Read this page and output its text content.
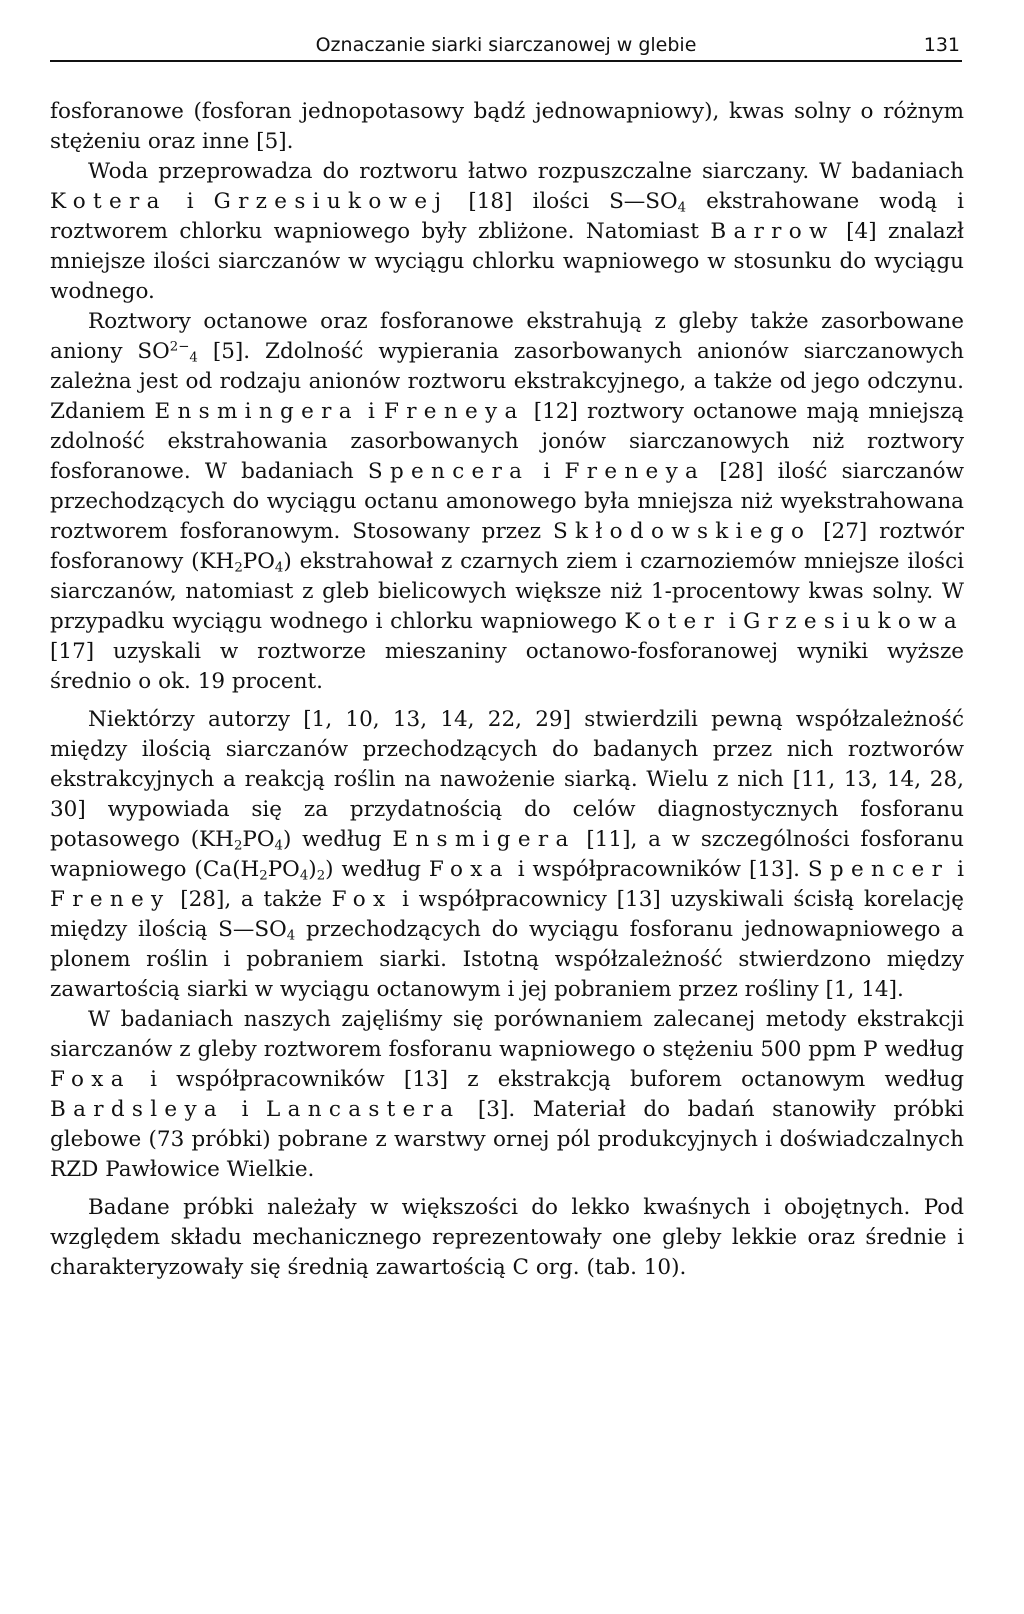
Oznaczanie siarki siarczanowej w glebie	131

fosforanowe (fosforan jednopotasowy bądź jednowapniowy), kwas solny o różnym stężeniu oraz inne [5].

Woda przeprowadza do roztworu łatwo rozpuszczalne siarczany. W badaniach Kotera i Grzesiukowej [18] ilości $S—SO_4$ ekstrahowane wodą i roztworem chlorku wapniowego były zbliżone. Natomiast Barrow [4] znalazł mniejsze ilości siarczanów w wyciągu chlorku wapniowego w stosunku do wyciągu wodnego.

Roztwory octanowe oraz fosforanowe ekstrahują z gleby także zasorbowane aniony $SO^{2-}_4$ [5]. Zdolność wypierania zasorbowanych anionów siarczanowych zależna jest od rodzaju anionów roztworu ekstrakcyjnego, a także od jego odczynu. Zdaniem Ensmingera i Freneya [12] roztwory octanowe mają mniejszą zdolność ekstrahowania zasorbowanych jonów siarczanowych niż roztwory fosforanowe. W badaniach Spencera i Freneya [28] ilość siarczanów przechodzących do wyciągu octanu amonowego była mniejsza niż wyekstrahowana roztworem fosforanowym. Stosowany przez Skłodowskiego [27] roztwór fosforanowy $(KH_2PO_4)$ ekstrahował z czarnych ziem i czarnoziemów mniejsze ilości siarczanów, natomiast z gleb bielicowych większe niż 1-procentowy kwas solny. W przypadku wyciągu wodnego i chlorku wapniowego Koter i Grzesiukowa [17] uzyskali w roztworze mieszaniny octanowo-fosforanowej wyniki wyższe średnio o ok. 19 procent.

Niektórzy autorzy [1, 10, 13, 14, 22, 29] stwierdzili pewną współzależność między ilością siarczanów przechodzących do badanych przez nich roztworów ekstrakcyjnych a reakcją roślin na nawożenie siarką. Wielu z nich [11, 13, 14, 28, 30] wypowiada się za przydatnością do celów diagnostycznych fosforanu potasowego $(KH_2PO_4)$ według Ensmigera [11], a w szczególności fosforanu wapniowego $(Ca(H_2PO_4)_2)$ według Foxa i współpracowników [13]. Spencer i Freney [28], a także Fox i współpracownicy [13] uzyskiwali ścisłą korelację między ilością $S—SO_4$ przechodzących do wyciągu fosforanu jednowapniowego a plonem roślin i pobraniem siarki. Istotną współzależność stwierdzono między zawartością siarki w wyciągu octanowym i jej pobraniem przez rośliny [1, 14].

W badaniach naszych zajęliśmy się porównaniem zalecanej metody ekstrakcji siarczanów z gleby roztworem fosforanu wapniowego o stężeniu 500 ppm P według Foxa i współpracowników [13] z ekstrakcją buforem octanowym według Bardsleya i Lancastera [3]. Materiał do badań stanowiły próbki glebowe (73 próbki) pobrane z warstwy ornej pól produkcyjnych i doświadczalnych RZD Pawłowice Wielkie.

Badane próbki należały w większości do lekko kwaśnych i obojętnych. Pod względem składu mechanicznego reprezentowały one gleby lekkie oraz średnie i charakteryzowały się średnią zawartością C org. (tab. 10).
